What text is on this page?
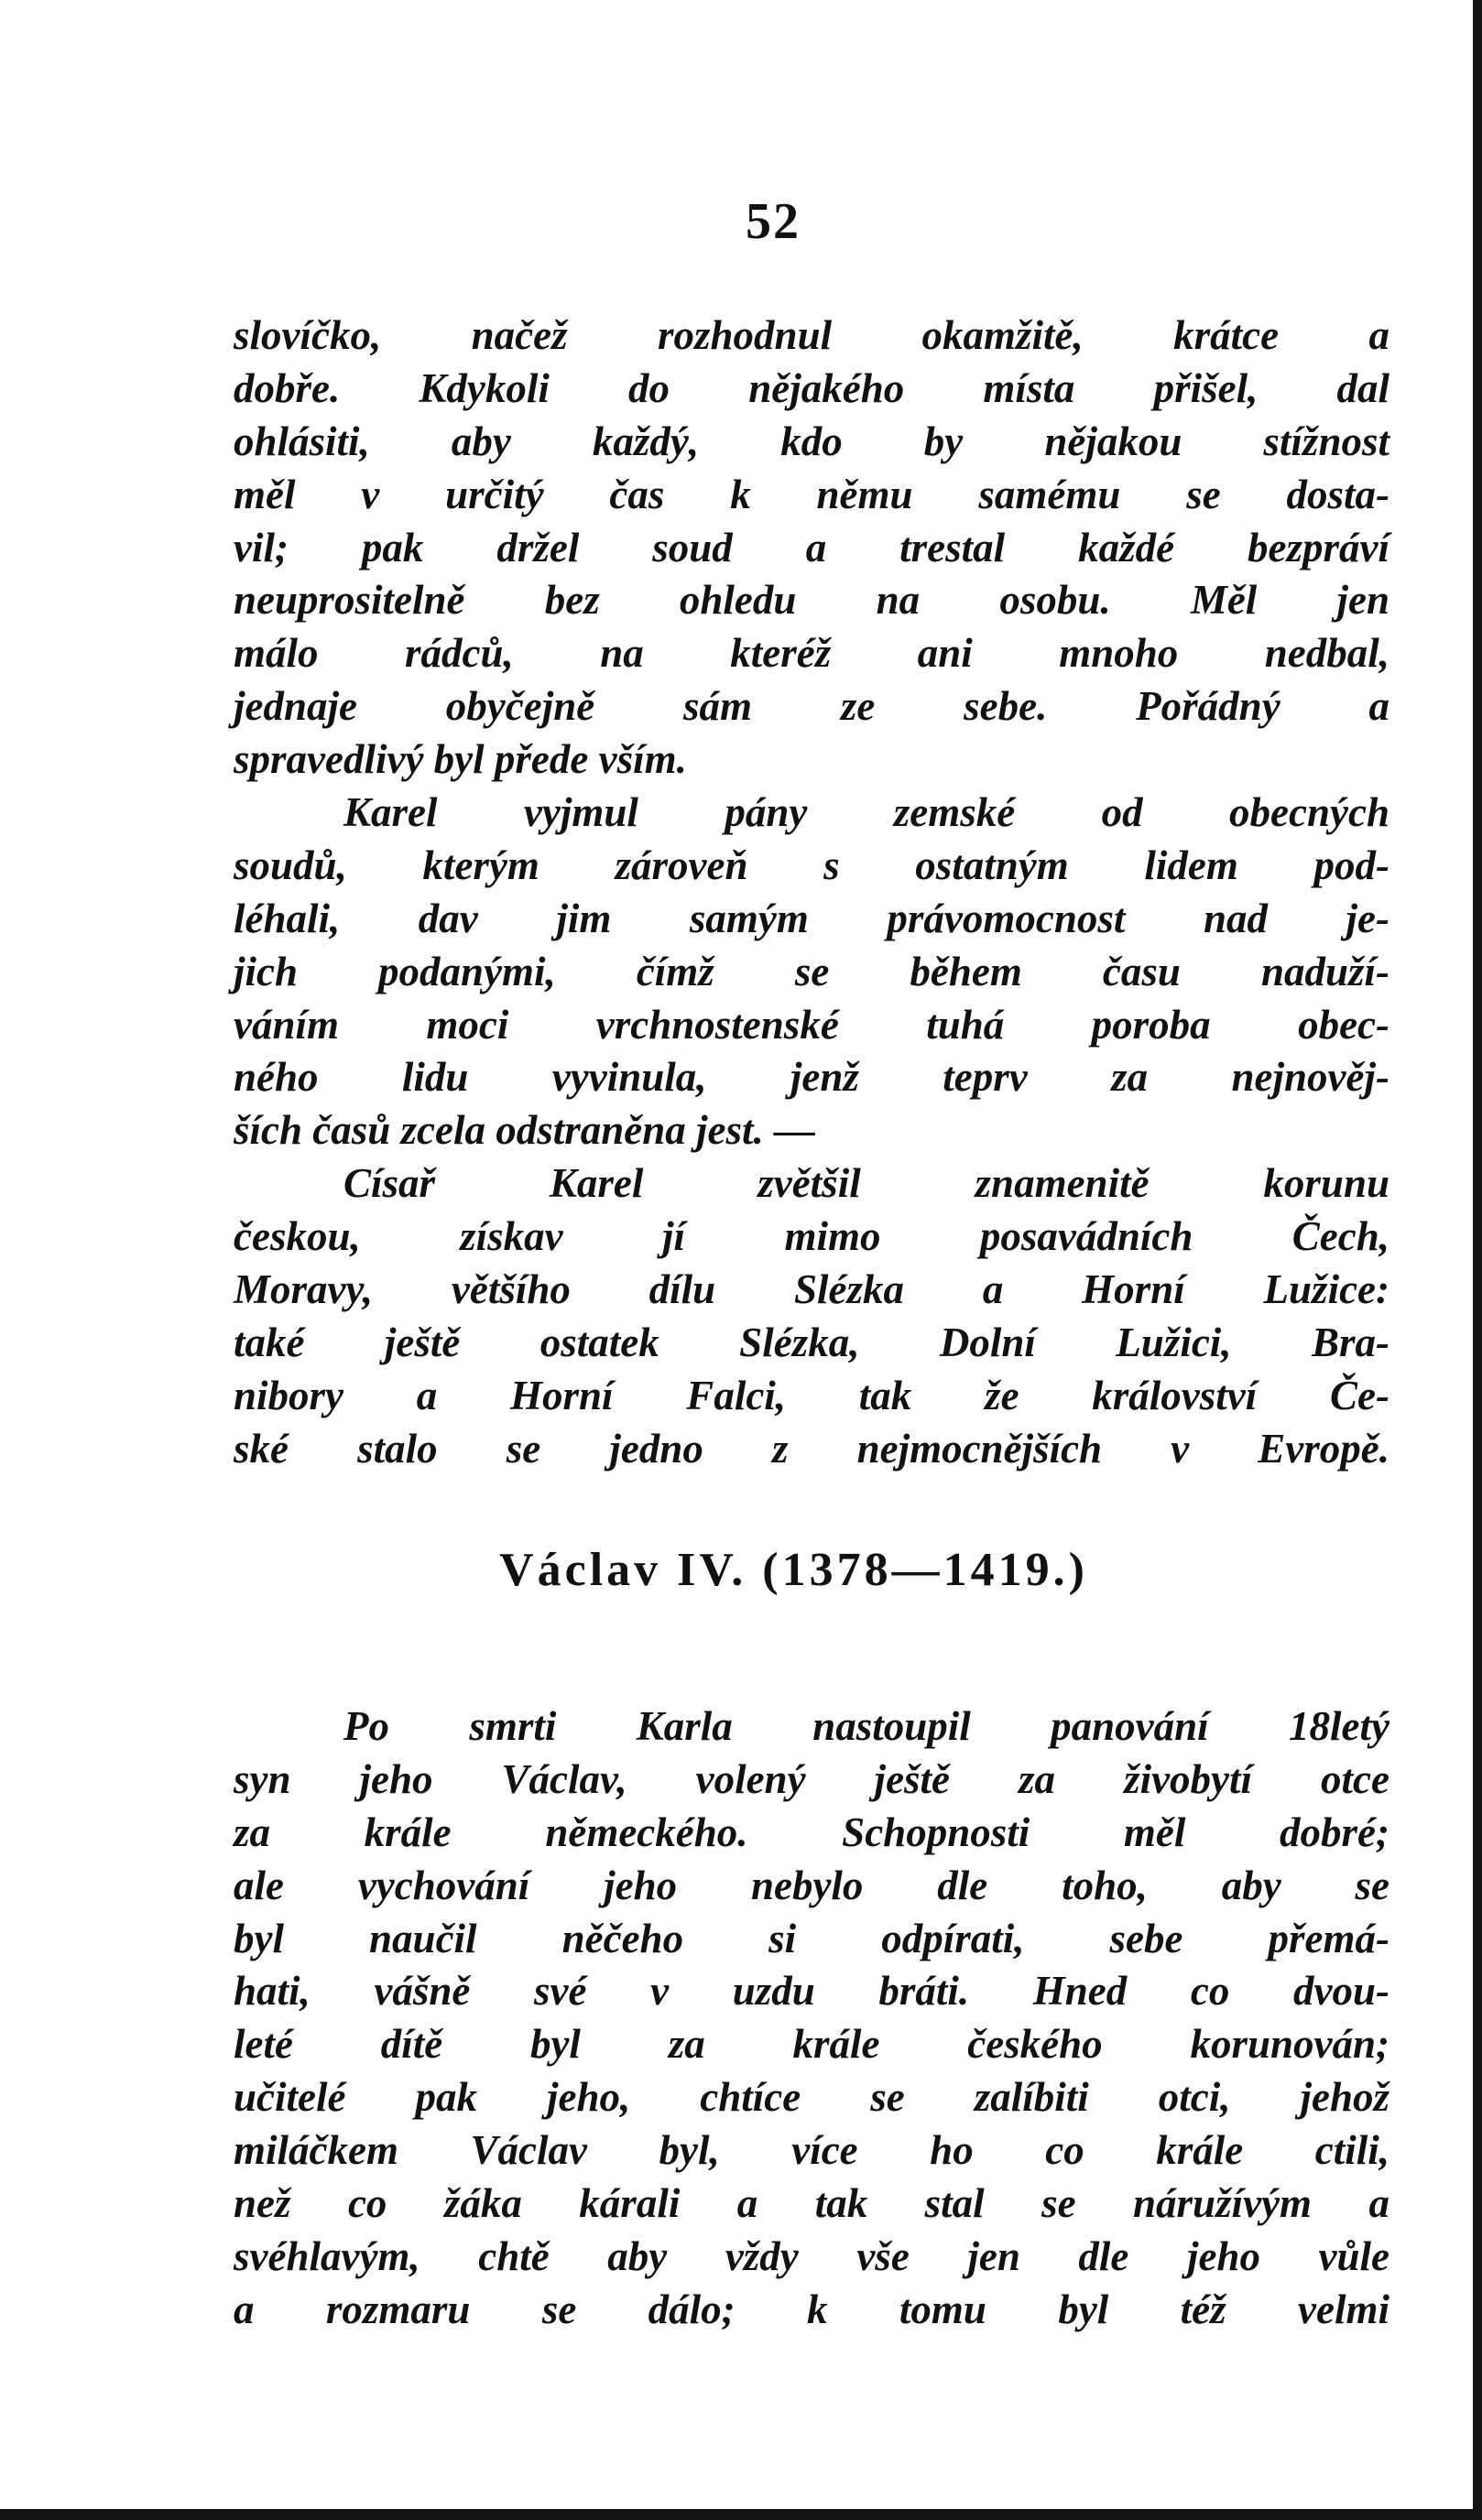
52
slovíčko, načež rozhodnul okamžitě, krátce a
dobře. Kdykoli do nějakého místa přišel, dal
ohlásiti, aby každý, kdo by nějakou stížnost
měl v určitý čas k němu samému se dosta-
vil; pak držel soud a trestal každé bezpráví
neuprositelně bez ohledu na osobu. Měl jen
málo rádců, na kteréž ani mnoho nedbal,
jednaje obyčejně sám ze sebe. Pořádný a
spravedlivý byl přede vším.
Karel vyjmul pány zemské od obecných
soudů, kterým zároveň s ostatným lidem pod-
léhali, dav jim samým právomocnost nad je-
jich podanými, čímž se během času naduží-
váním moci vrchnostenské tuhá poroba obec-
ného lidu vyvinula, jenž teprv za nejnověj-
ších časů zcela odstraněna jest. —
Císař Karel zvětšil znamenitě korunu
českou, získav jí mimo posavádních Čech,
Moravy, většího dílu Slézka a Horní Lužice:
také ještě ostatek Slézka, Dolní Lužici, Bra-
nibory a Horní Falci, tak že království Če-
ské stalo se jedno z nejmocnějších v Evropě.
Václav IV. (1378—1419.)
Po smrti Karla nastoupil panování 18letý
syn jeho Václav, volený ještě za živobytí otce
za krále německého. Schopnosti měl dobré;
ale vychování jeho nebylo dle toho, aby se
byl naučil něčeho si odpírati, sebe přemá-
hati, vášně své v uzdu bráti. Hned co dvou-
leté dítě byl za krále českého korunován;
učitelé pak jeho, chtíce se zalíbiti otci, jehož
miláčkem Václav byl, více ho co krále ctili,
než co žáka kárali a tak stal se náružívým a
svéhlavým, chtě aby vždy vše jen dle jeho vůle
a rozmaru se dálo; k tomu byl též velmi
